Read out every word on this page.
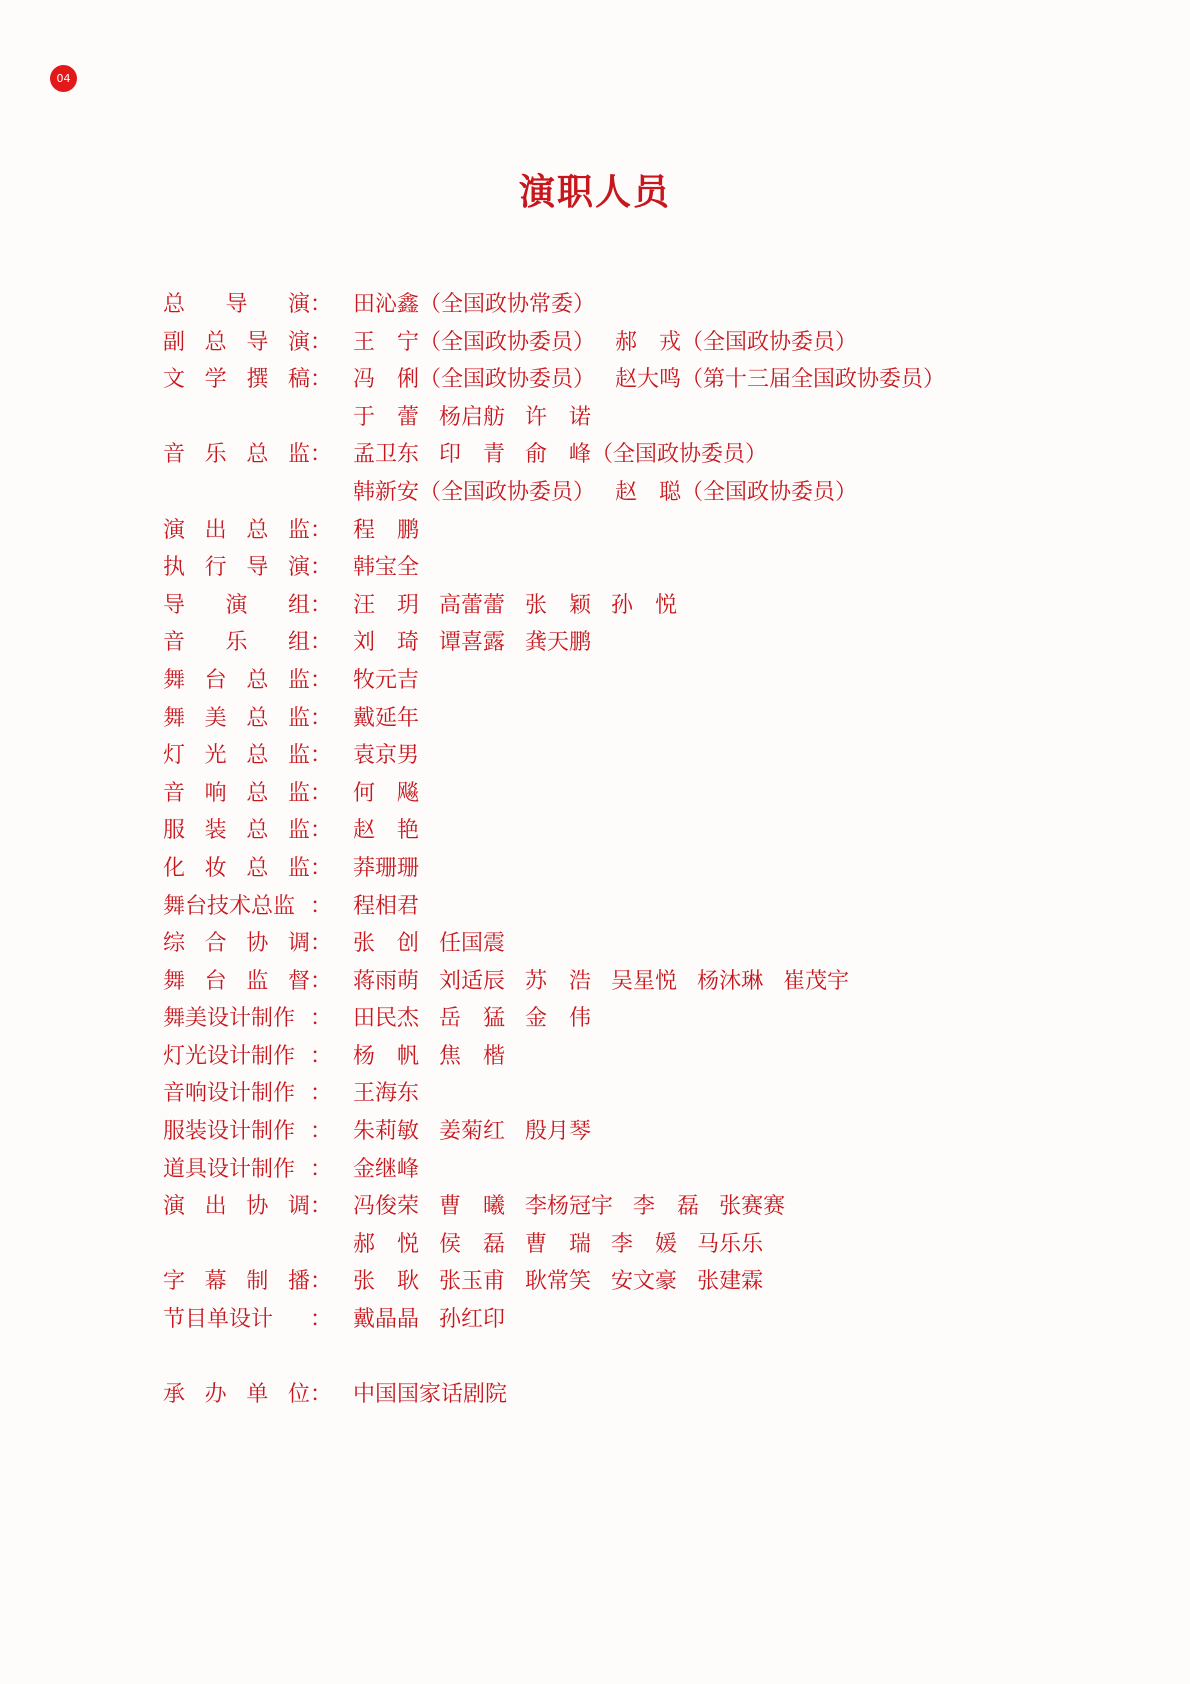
04
演职人员
总 导 演 ： 田沁鑫（全国政协常委）
副 总 导 演 ： 王　宁（全国政协委员） 郝　戎（全国政协委员）
文 学 撰 稿 ： 冯　俐（全国政协委员） 赵大鸣（第十三届全国政协委员）
于　蕾 杨启舫 许　诺
音 乐 总 监 ： 孟卫东 印　青 俞　峰（全国政协委员）
韩新安（全国政协委员） 赵　聪（全国政协委员）
演 出 总 监 ： 程　鹏
执 行 导 演 ： 韩宝全
导 演 组 ： 汪　玥 高蕾蕾 张　颖 孙　悦
音 乐 组 ： 刘　琦 谭喜露 龚天鹏
舞 台 总 监 ： 牧元吉
舞 美 总 监 ： 戴延年
灯 光 总 监 ： 袁京男
音 响 总 监 ： 何　飚
服 装 总 监 ： 赵　艳
化 妆 总 监 ： 莽珊珊
舞台技术总监 ： 程相君
综 合 协 调 ： 张　创 任国震
舞 台 监 督 ： 蒋雨萌 刘适辰 苏　浩 吴星悦 杨沐琳 崔茂宇
舞美设计制作 ： 田民杰 岳　猛 金　伟
灯光设计制作 ： 杨　帆 焦　楷
音响设计制作 ： 王海东
服装设计制作 ： 朱莉敏 姜菊红 殷月琴
道具设计制作 ： 金继峰
演 出 协 调 ： 冯俊荣 曹　曦 李杨冠宇 李　磊 张赛赛
郝　悦 侯　磊 曹　瑞 李　媛 马乐乐
字 幕 制 播 ： 张　耿 张玉甫 耿常笑 安文豪 张建霖
节目单设计 ： 戴晶晶 孙红印
承 办 单 位 ： 中国国家话剧院
